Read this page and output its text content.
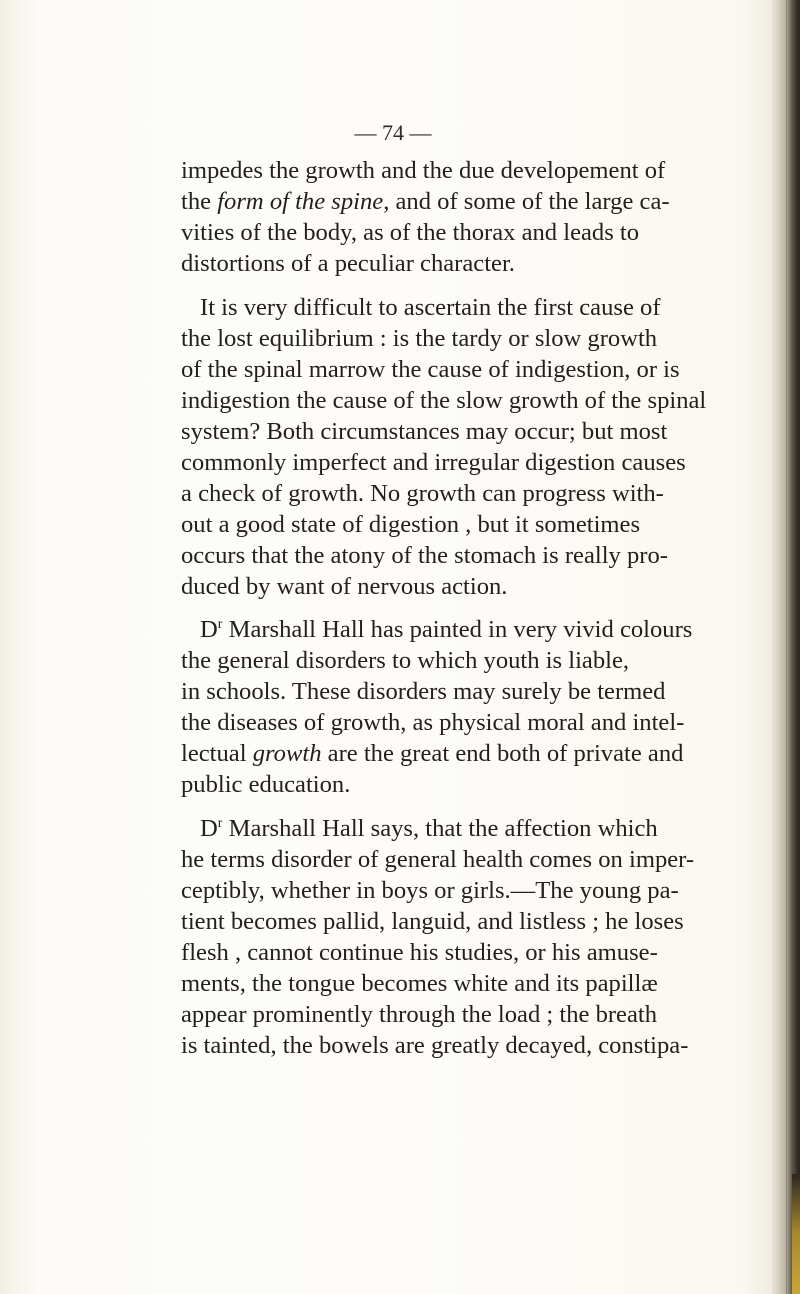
— 74 —
impedes the growth and the due developement of
the form of the spine, and of some of the large ca-
vities of the body, as of the thorax and leads to
distortions of a peculiar character.
It is very difficult to ascertain the first cause of
the lost equilibrium : is the tardy or slow growth
of the spinal marrow the cause of indigestion, or is
indigestion the cause of the slow growth of the spinal
system? Both circumstances may occur; but most
commonly imperfect and irregular digestion causes
a check of growth. No growth can progress with-
out a good state of digestion , but it sometimes
occurs that the atony of the stomach is really pro-
duced by want of nervous action.
$D^r$ Marshall Hall has painted in very vivid colours
the general disorders to which youth is liable,
in schools. These disorders may surely be termed
the diseases of growth, as physical moral and intel-
lectual growth are the great end both of private and
public education.
$D^r$ Marshall Hall says, that the affection which
he terms disorder of general health comes on imper-
ceptibly, whether in boys or girls.—The young pa-
tient becomes pallid, languid, and listless ; he loses
flesh , cannot continue his studies, or his amuse-
ments, the tongue becomes white and its papillæ
appear prominently through the load ; the breath
is tainted, the bowels are greatly decayed, constipa-
